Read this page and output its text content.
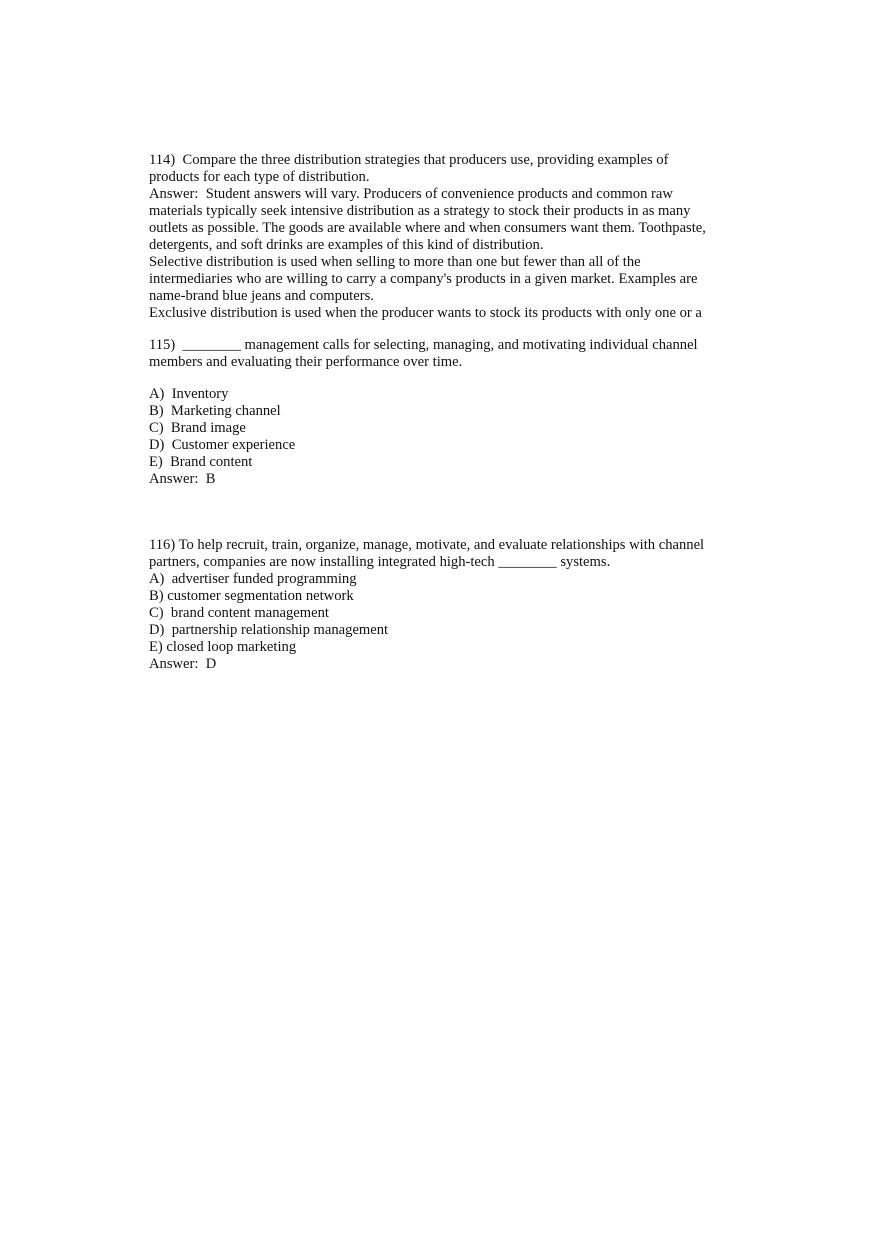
114)  Compare the three distribution strategies that producers use, providing examples of
products for each type of distribution.
Answer:  Student answers will vary. Producers of convenience products and common raw
materials typically seek intensive distribution as a strategy to stock their products in as many
outlets as possible. The goods are available where and when consumers want them. Toothpaste,
detergents, and soft drinks are examples of this kind of distribution.
Selective distribution is used when selling to more than one but fewer than all of the
intermediaries who are willing to carry a company's products in a given market. Examples are
name-brand blue jeans and computers.
Exclusive distribution is used when the producer wants to stock its products with only one or a
115)  ________ management calls for selecting, managing, and motivating individual channel
members and evaluating their performance over time.
A)  Inventory
B)  Marketing channel
C)  Brand image
D)  Customer experience
E)  Brand content
Answer:  B
116) To help recruit, train, organize, manage, motivate, and evaluate relationships with channel
partners, companies are now installing integrated high-tech ________ systems.
A)  advertiser funded programming
B) customer segmentation network
C)  brand content management
D)  partnership relationship management
E) closed loop marketing
Answer:  D
